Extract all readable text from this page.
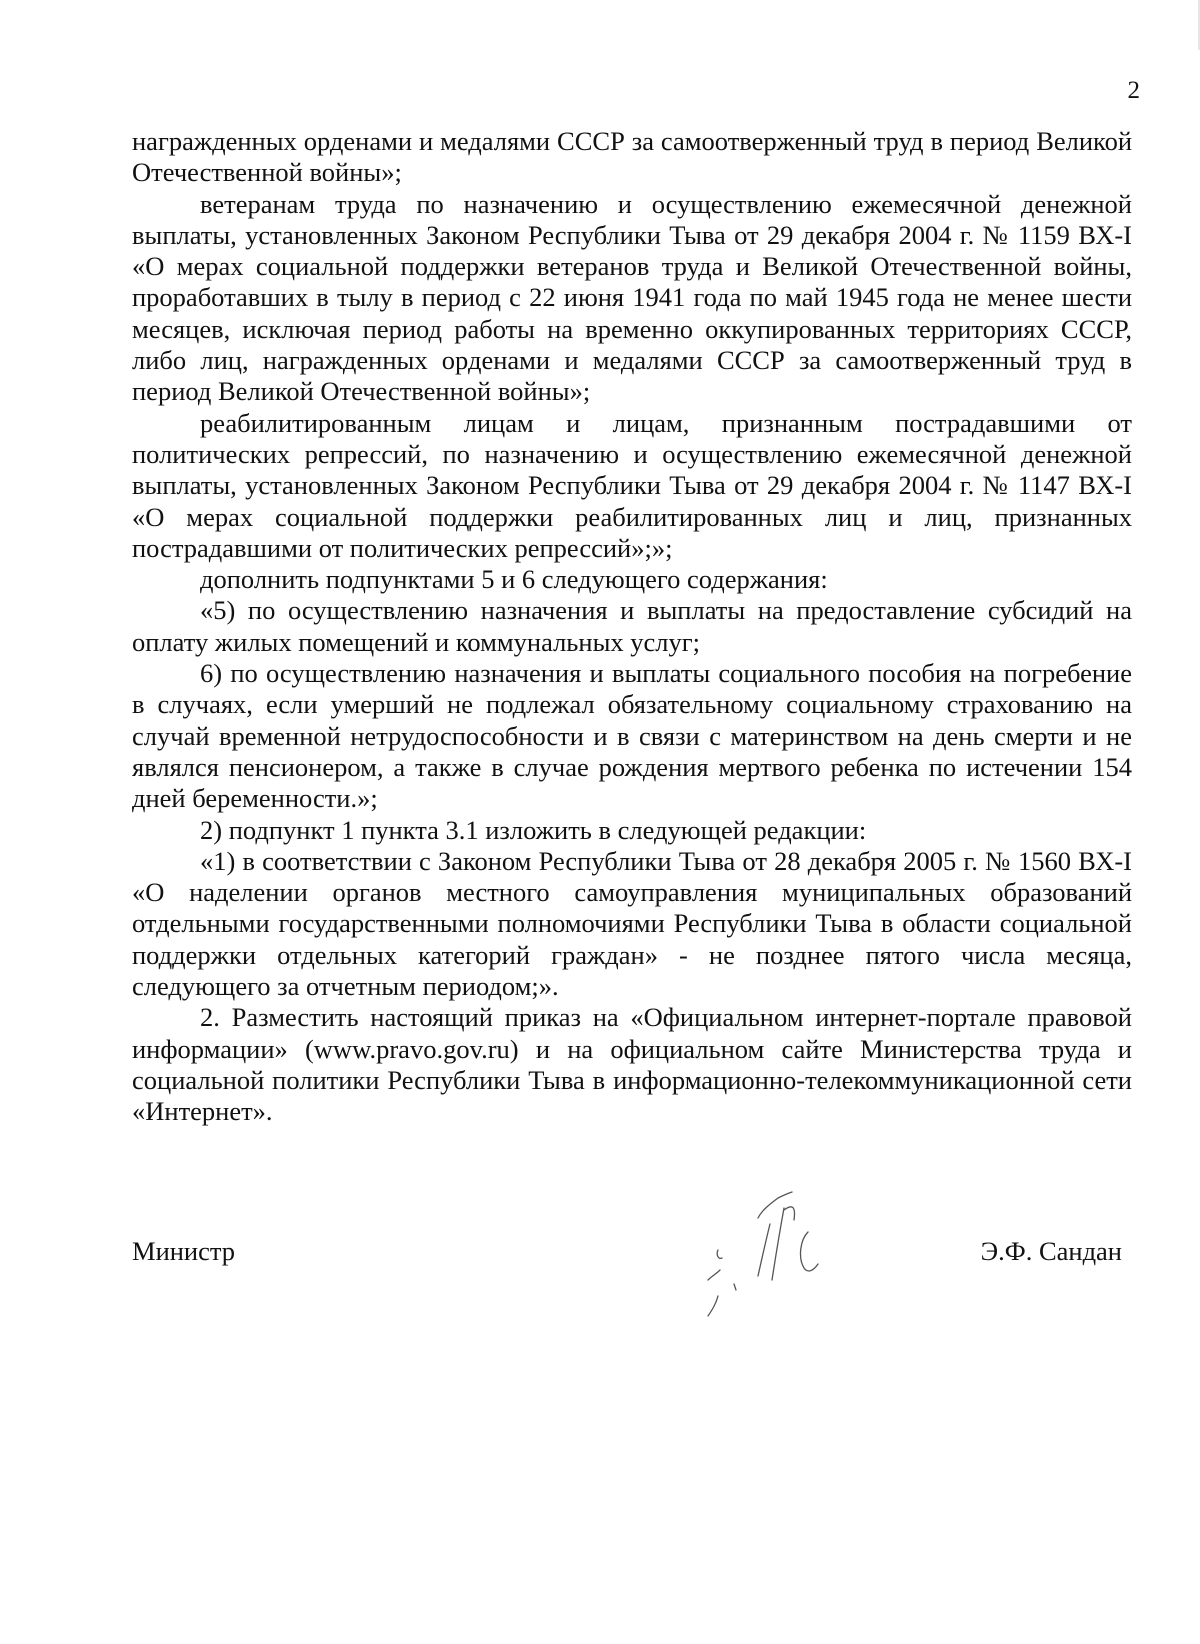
2

награжденных орденами и медалями СССР за самоотверженный труд в период Великой Отечественной войны»;

ветеранам труда по назначению и осуществлению ежемесячной денежной выплаты, установленных Законом Республики Тыва от 29 декабря 2004 г. № 1159 ВХ-I «О мерах социальной поддержки ветеранов труда и Великой Отечественной войны, проработавших в тылу в период с 22 июня 1941 года по май 1945 года не менее шести месяцев, исключая период работы на временно оккупированных территориях СССР, либо лиц, награжденных орденами и медалями СССР за самоотверженный труд в период Великой Отечественной войны»;

реабилитированным лицам и лицам, признанным пострадавшими от политических репрессий, по назначению и осуществлению ежемесячной денежной выплаты, установленных Законом Республики Тыва от 29 декабря 2004 г. № 1147 ВХ-I «О мерах социальной поддержки реабилитированных лиц и лиц, признанных пострадавшими от политических репрессий»;»;

дополнить подпунктами 5 и 6 следующего содержания:

«5) по осуществлению назначения и выплаты на предоставление субсидий на оплату жилых помещений и коммунальных услуг;

6) по осуществлению назначения и выплаты социального пособия на погребение в случаях, если умерший не подлежал обязательному социальному страхованию на случай временной нетрудоспособности и в связи с материнством на день смерти и не являлся пенсионером, а также в случае рождения мертвого ребенка по истечении 154 дней беременности.»;

2) подпункт 1 пункта 3.1 изложить в следующей редакции:

«1) в соответствии с Законом Республики Тыва от 28 декабря 2005 г. № 1560 ВХ-I «О наделении органов местного самоуправления муниципальных образований отдельными государственными полномочиями Республики Тыва в области социальной поддержки отдельных категорий граждан» - не позднее пятого числа месяца, следующего за отчетным периодом;».

2. Разместить настоящий приказ на «Официальном интернет-портале правовой информации» (www.pravo.gov.ru) и на официальном сайте Министерства труда и социальной политики Республики Тыва в информационно-телекоммуникационной сети «Интернет».

Министр	Э.Ф. Сандан
